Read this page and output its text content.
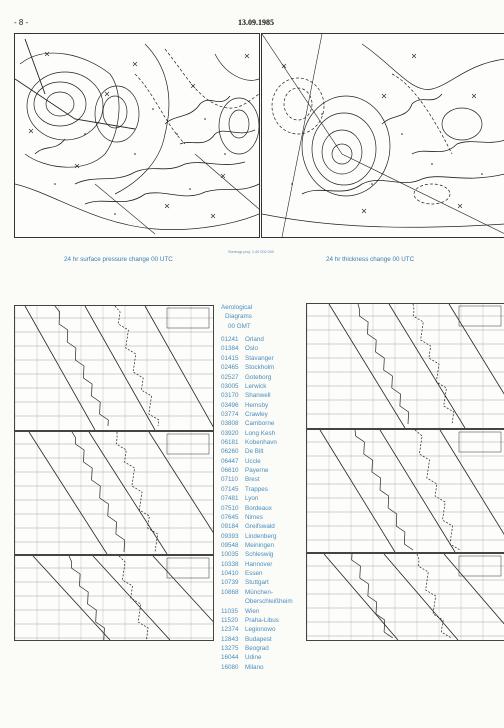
- 8 -	13.09.1985
24 hr surface pressure change 00 UTC
Stereogr.proj. 1:40 000 000
24 hr thickness change 00 UTC
Aerological
Diagrams
00 GMT
01241	Orland
01384	Oslo
01415	Stavanger
02465	Stockholm
02527	Goteborg
03005	Lerwick
03170	Shanwell
03496	Hemsby
03774	Crawley
03808	Camborne
03920	Long Kesh
06181	Kobenhavn
06260	De Bilt
06447	Uccle
06610	Payerne
07110	Brest
07145	Trappes
07481	Lyon
07510	Bordeaux
07645	Nimes
09184	Greifswald
09393	Lindenberg
09548	Meiningen
10035	Schleswig
10338	Hannover
10410	Essen
10739	Stuttgart
10868	München-
Oberschleißheim
11035	Wien
11520	Praha-Libus
12374	Legionowo
12843	Budapest
13275	Beograd
16044	Udine
16080	Milano
